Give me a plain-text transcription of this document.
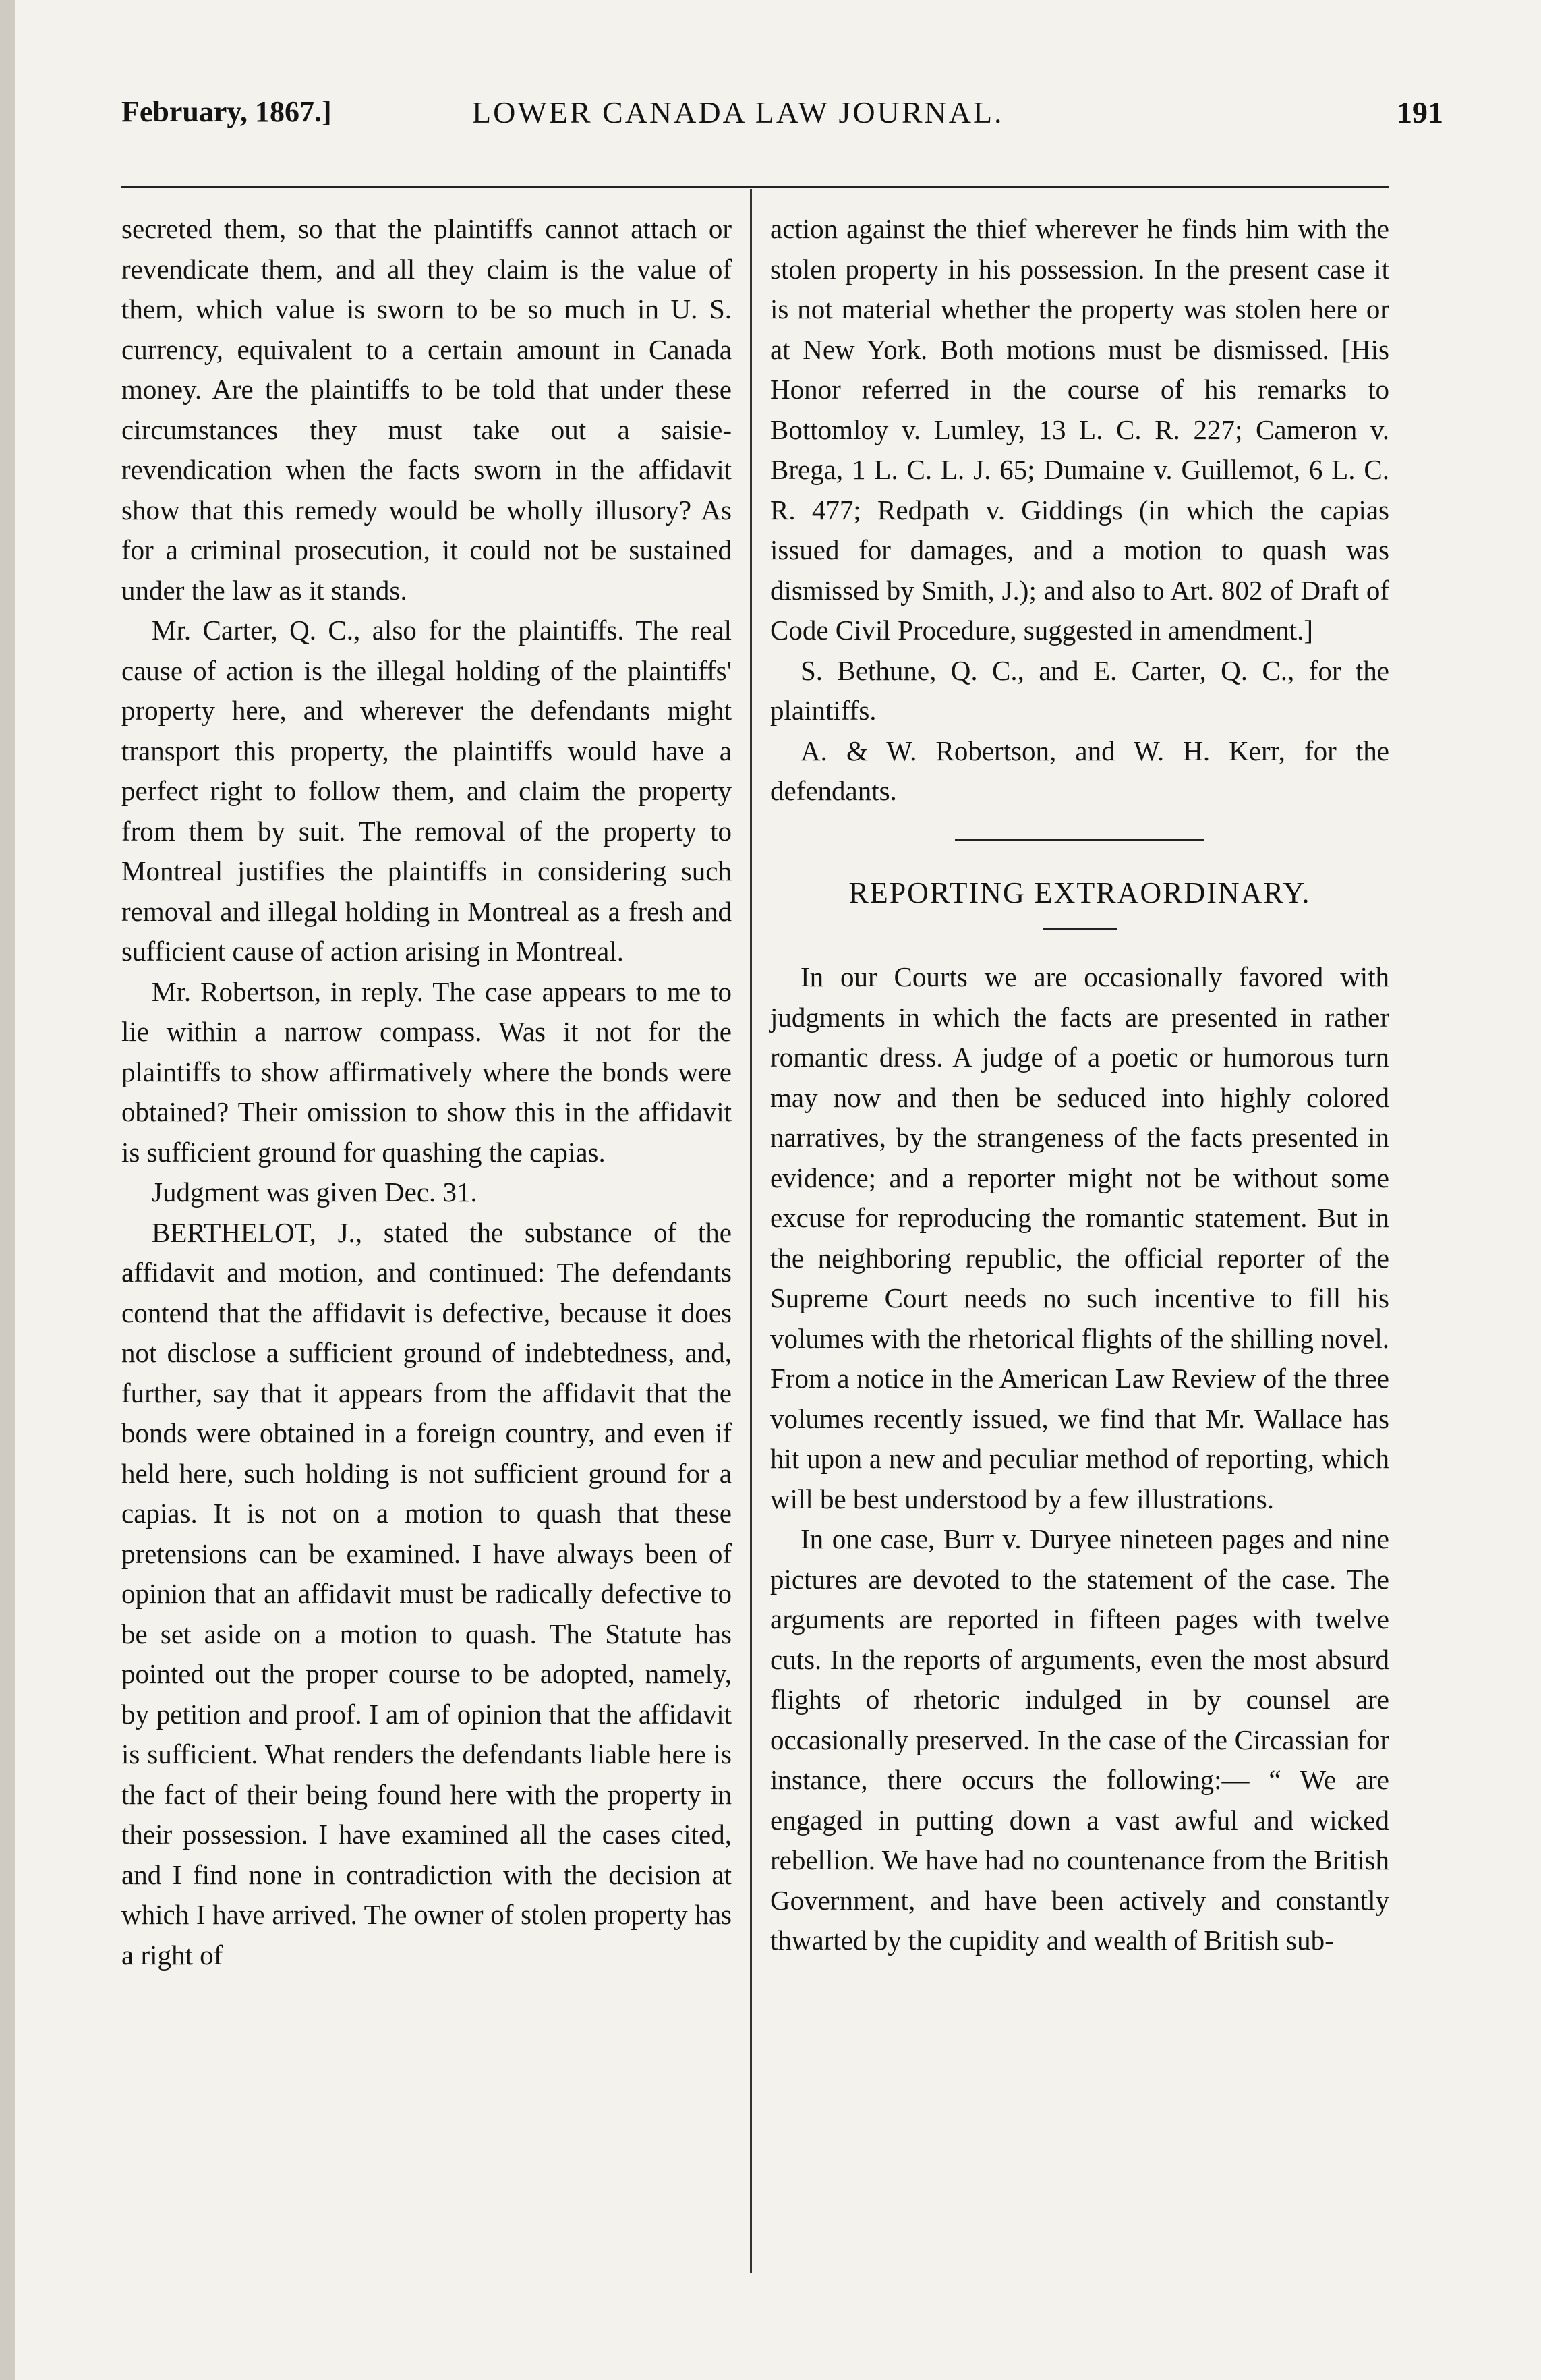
February, 1867.]	LOWER CANADA LAW JOURNAL.	191

secreted them, so that the plaintiffs cannot attach or revendicate them, and all they claim is the value of them, which value is sworn to be so much in U. S. currency, equivalent to a certain amount in Canada money. Are the plaintiffs to be told that under these circumstances they must take out a saisie-revendication when the facts sworn in the affidavit show that this remedy would be wholly illusory? As for a criminal prosecution, it could not be sustained under the law as it stands.

Mr. Carter, Q. C., also for the plaintiffs. The real cause of action is the illegal holding of the plaintiffs' property here, and wherever the defendants might transport this property, the plaintiffs would have a perfect right to follow them, and claim the property from them by suit. The removal of the property to Montreal justifies the plaintiffs in considering such removal and illegal holding in Montreal as a fresh and sufficient cause of action arising in Montreal.

Mr. Robertson, in reply. The case appears to me to lie within a narrow compass. Was it not for the plaintiffs to show affirmatively where the bonds were obtained? Their omission to show this in the affidavit is sufficient ground for quashing the capias.

Judgment was given Dec. 31.

BERTHELOT, J., stated the substance of the affidavit and motion, and continued: The defendants contend that the affidavit is defective, because it does not disclose a sufficient ground of indebtedness, and, further, say that it appears from the affidavit that the bonds were obtained in a foreign country, and even if held here, such holding is not sufficient ground for a capias. It is not on a motion to quash that these pretensions can be examined. I have always been of opinion that an affidavit must be radically defective to be set aside on a motion to quash. The Statute has pointed out the proper course to be adopted, namely, by petition and proof. I am of opinion that the affidavit is sufficient. What renders the defendants liable here is the fact of their being found here with the property in their possession. I have examined all the cases cited, and I find none in contradiction with the decision at which I have arrived. The owner of stolen property has a right of

action against the thief wherever he finds him with the stolen property in his possession. In the present case it is not material whether the property was stolen here or at New York. Both motions must be dismissed. [His Honor referred in the course of his remarks to Bottomloy v. Lumley, 13 L. C. R. 227; Cameron v. Brega, 1 L. C. L. J. 65; Dumaine v. Guillemot, 6 L. C. R. 477; Redpath v. Giddings (in which the capias issued for damages, and a motion to quash was dismissed by Smith, J.); and also to Art. 802 of Draft of Code Civil Procedure, suggested in amendment.]

S. Bethune, Q. C., and E. Carter, Q. C., for the plaintiffs.

A. & W. Robertson, and W. H. Kerr, for the defendants.

REPORTING EXTRAORDINARY.

In our Courts we are occasionally favored with judgments in which the facts are presented in rather romantic dress. A judge of a poetic or humorous turn may now and then be seduced into highly colored narratives, by the strangeness of the facts presented in evidence; and a reporter might not be without some excuse for reproducing the romantic statement. But in the neighboring republic, the official reporter of the Supreme Court needs no such incentive to fill his volumes with the rhetorical flights of the shilling novel. From a notice in the American Law Review of the three volumes recently issued, we find that Mr. Wallace has hit upon a new and peculiar method of reporting, which will be best understood by a few illustrations.

In one case, Burr v. Duryee nineteen pages and nine pictures are devoted to the statement of the case. The arguments are reported in fifteen pages with twelve cuts. In the reports of arguments, even the most absurd flights of rhetoric indulged in by counsel are occasionally preserved. In the case of the Circassian for instance, there occurs the following:— “ We are engaged in putting down a vast awful and wicked rebellion. We have had no countenance from the British Government, and have been actively and constantly thwarted by the cupidity and wealth of British sub-
